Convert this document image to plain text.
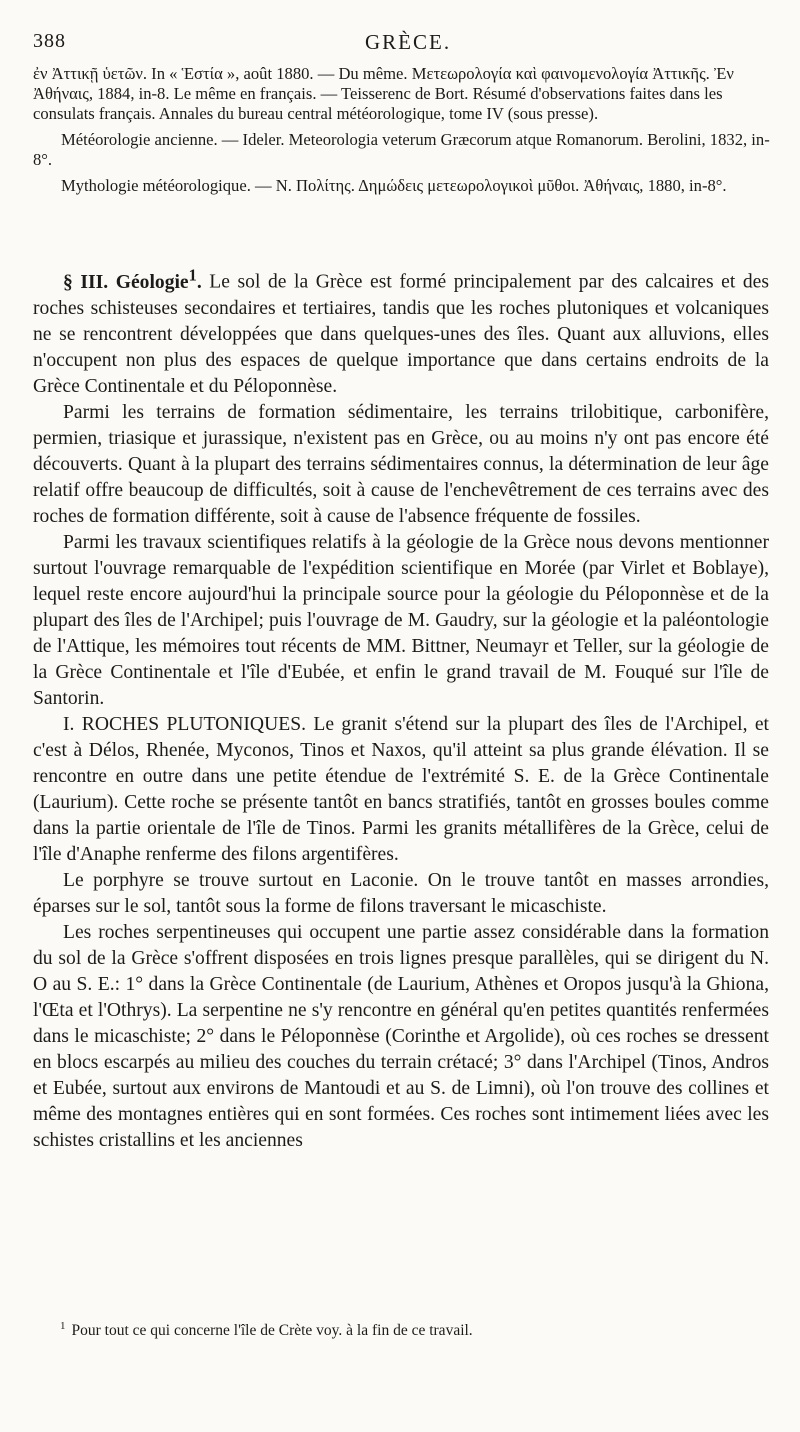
388	GRÈCE.

ἐν Ἀττικῇ ὑετῶν. In « Ἑστία », août 1880. — Du même. Μετεωρολογία καὶ φαινομενολογία Ἀττικῆς. Ἐν Ἀθήναις, 1884, in-8. Le même en français. — Teisserenc de Bort. Résumé d'observations faites dans les consulats français. Annales du bureau central météorologique, tome IV (sous presse).

Météorologie ancienne. — Ideler. Meteorologia veterum Græcorum atque Romanorum. Berolini, 1832, in-8°.

Mythologie météorologique. — N. Πολίτης. Δημώδεις μετεωρολογικοὶ μῦθοι. Ἀθήναις, 1880, in-8°.

§ III. Géologie$^1$. Le sol de la Grèce est formé principalement par des calcaires et des roches schisteuses secondaires et tertiaires, tandis que les roches plutoniques et volcaniques ne se rencontrent développées que dans quelques-unes des îles. Quant aux alluvions, elles n'occupent non plus des espaces de quelque importance que dans certains endroits de la Grèce Continentale et du Péloponnèse.

Parmi les terrains de formation sédimentaire, les terrains trilobitique, carbonifère, permien, triasique et jurassique, n'existent pas en Grèce, ou au moins n'y ont pas encore été découverts. Quant à la plupart des terrains sédimentaires connus, la détermination de leur âge relatif offre beaucoup de difficultés, soit à cause de l'enchevêtrement de ces terrains avec des roches de formation différente, soit à cause de l'absence fréquente de fossiles.

Parmi les travaux scientifiques relatifs à la géologie de la Grèce nous devons mentionner surtout l'ouvrage remarquable de l'expédition scientifique en Morée (par Virlet et Boblaye), lequel reste encore aujourd'hui la principale source pour la géologie du Péloponnèse et de la plupart des îles de l'Archipel; puis l'ouvrage de M. Gaudry, sur la géologie et la paléontologie de l'Attique, les mémoires tout récents de MM. Bittner, Neumayr et Teller, sur la géologie de la Grèce Continentale et l'île d'Eubée, et enfin le grand travail de M. Fouqué sur l'île de Santorin.

I. ROCHES PLUTONIQUES. Le granit s'étend sur la plupart des îles de l'Archipel, et c'est à Délos, Rhenée, Myconos, Tinos et Naxos, qu'il atteint sa plus grande élévation. Il se rencontre en outre dans une petite étendue de l'extrémité S. E. de la Grèce Continentale (Laurium). Cette roche se présente tantôt en bancs stratifiés, tantôt en grosses boules comme dans la partie orientale de l'île de Tinos. Parmi les granits métallifères de la Grèce, celui de l'île d'Anaphe renferme des filons argentifères.

Le porphyre se trouve surtout en Laconie. On le trouve tantôt en masses arrondies, éparses sur le sol, tantôt sous la forme de filons traversant le micaschiste.

Les roches serpentineuses qui occupent une partie assez considérable dans la formation du sol de la Grèce s'offrent disposées en trois lignes presque parallèles, qui se dirigent du N. O au S. E.: 1° dans la Grèce Continentale (de Laurium, Athènes et Oropos jusqu'à la Ghiona, l'Œta et l'Othrys). La serpentine ne s'y rencontre en général qu'en petites quantités renfermées dans le micaschiste; 2° dans le Péloponnèse (Corinthe et Argolide), où ces roches se dressent en blocs escarpés au milieu des couches du terrain crétacé; 3° dans l'Archipel (Tinos, Andros et Eubée, surtout aux environs de Mantoudi et au S. de Limni), où l'on trouve des collines et même des montagnes entières qui en sont formées. Ces roches sont intimement liées avec les schistes cristallins et les anciennes

$^1$ Pour tout ce qui concerne l'île de Crète voy. à la fin de ce travail.
